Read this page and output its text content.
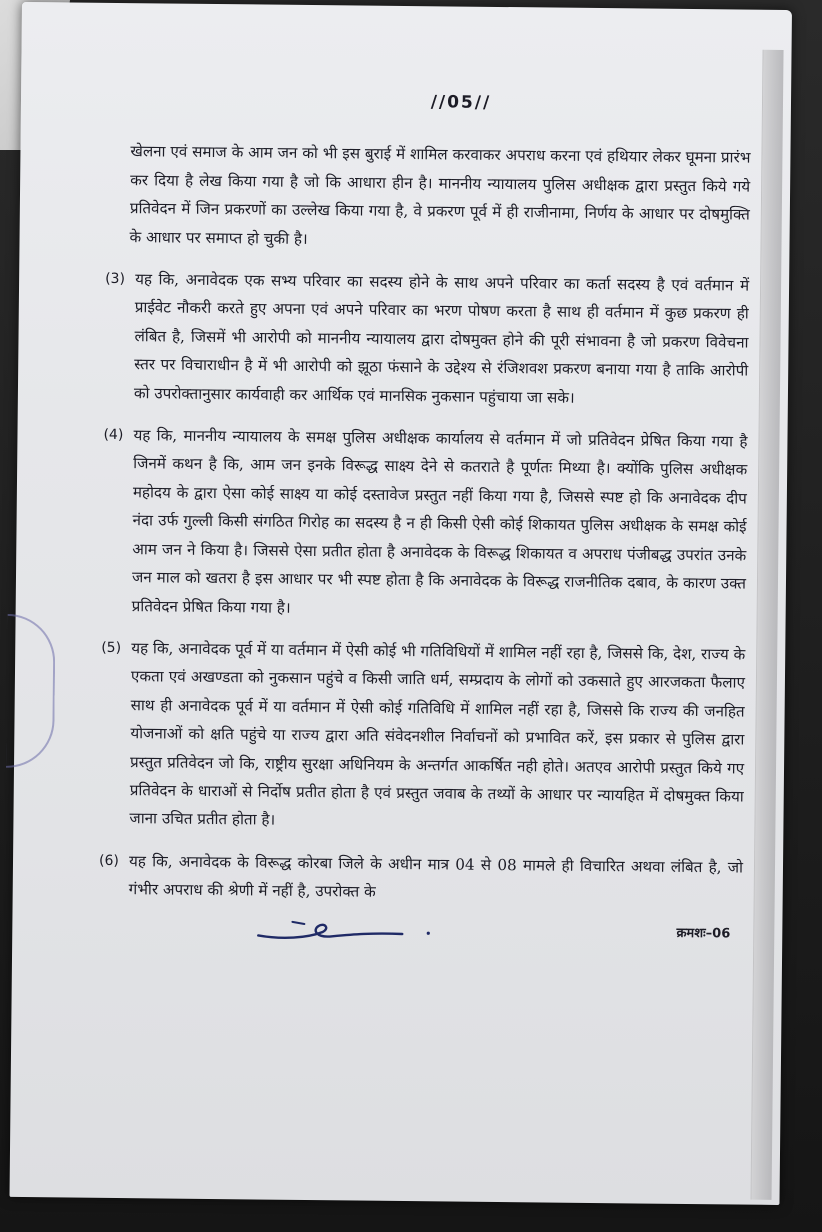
//05//

खेलना एवं समाज के आम जन को भी इस बुराई में शामिल करवाकर अपराध करना एवं हथियार लेकर घूमना प्रारंभ कर दिया है लेख किया गया है जो कि आधारा हीन है। माननीय न्यायालय पुलिस अधीक्षक द्वारा प्रस्तुत किये गये प्रतिवेदन में जिन प्रकरणों का उल्लेख किया गया है, वे प्रकरण पूर्व में ही राजीनामा, निर्णय के आधार पर दोषमुक्ति के आधार पर समाप्त हो चुकी है।

(3) यह कि, अनावेदक एक सभ्य परिवार का सदस्य होने के साथ अपने परिवार का कर्ता सदस्य है एवं वर्तमान में प्राईवेट नौकरी करते हुए अपना एवं अपने परिवार का भरण पोषण करता है साथ ही वर्तमान में कुछ प्रकरण ही लंबित है, जिसमें भी आरोपी को माननीय न्यायालय द्वारा दोषमुक्त होने की पूरी संभावना है जो प्रकरण विवेचना स्तर पर विचाराधीन है में भी आरोपी को झूठा फंसाने के उद्देश्य से रंजिशवश प्रकरण बनाया गया है ताकि आरोपी को उपरोक्तानुसार कार्यवाही कर आर्थिक एवं मानसिक नुकसान पहुंचाया जा सके।
(4) यह कि, माननीय न्यायालय के समक्ष पुलिस अधीक्षक कार्यालय से वर्तमान में जो प्रतिवेदन प्रेषित किया गया है जिनमें कथन है कि, आम जन इनके विरूद्ध साक्ष्य देने से कतराते है पूर्णतः मिथ्या है। क्योंकि पुलिस अधीक्षक महोदय के द्वारा ऐसा कोई साक्ष्य या कोई दस्तावेज प्रस्तुत नहीं किया गया है, जिससे स्पष्ट हो कि अनावेदक दीप नंदा उर्फ गुल्ली किसी संगठित गिरोह का सदस्य है न ही किसी ऐसी कोई शिकायत पुलिस अधीक्षक के समक्ष कोई आम जन ने किया है। जिससे ऐसा प्रतीत होता है अनावेदक के विरूद्ध शिकायत व अपराध पंजीबद्ध उपरांत उनके जन माल को खतरा है इस आधार पर भी स्पष्ट होता है कि अनावेदक के विरूद्ध राजनीतिक दबाव, के कारण उक्त प्रतिवेदन प्रेषित किया गया है।
(5) यह कि, अनावेदक पूर्व में या वर्तमान में ऐसी कोई भी गतिविधियों में शामिल नहीं रहा है, जिससे कि, देश, राज्य के एकता एवं अखण्डता को नुकसान पहुंचे व किसी जाति धर्म, सम्प्रदाय के लोगों को उकसाते हुए आरजकता फैलाए साथ ही अनावेदक पूर्व में या वर्तमान में ऐसी कोई गतिविधि में शामिल नहीं रहा है, जिससे कि राज्य की जनहित योजनाओं को क्षति पहुंचे या राज्य द्वारा अति संवेदनशील निर्वाचनों को प्रभावित करें, इस प्रकार से पुलिस द्वारा प्रस्तुत प्रतिवेदन जो कि, राष्ट्रीय सुरक्षा अधिनियम के अन्तर्गत आकर्षित नही होते। अतएव आरोपी प्रस्तुत किये गए प्रतिवेदन के धाराओं से निर्दोष प्रतीत होता है एवं प्रस्तुत जवाब के तथ्यों के आधार पर न्यायहित में दोषमुक्त किया जाना उचित प्रतीत होता है।
(6) यह कि, अनावेदक के विरूद्ध कोरबा जिले के अधीन मात्र 04 से 08 मामले ही विचारित अथवा लंबित है, जो गंभीर अपराध की श्रेणी में नहीं है, उपरोक्त के
क्रमशः–06
